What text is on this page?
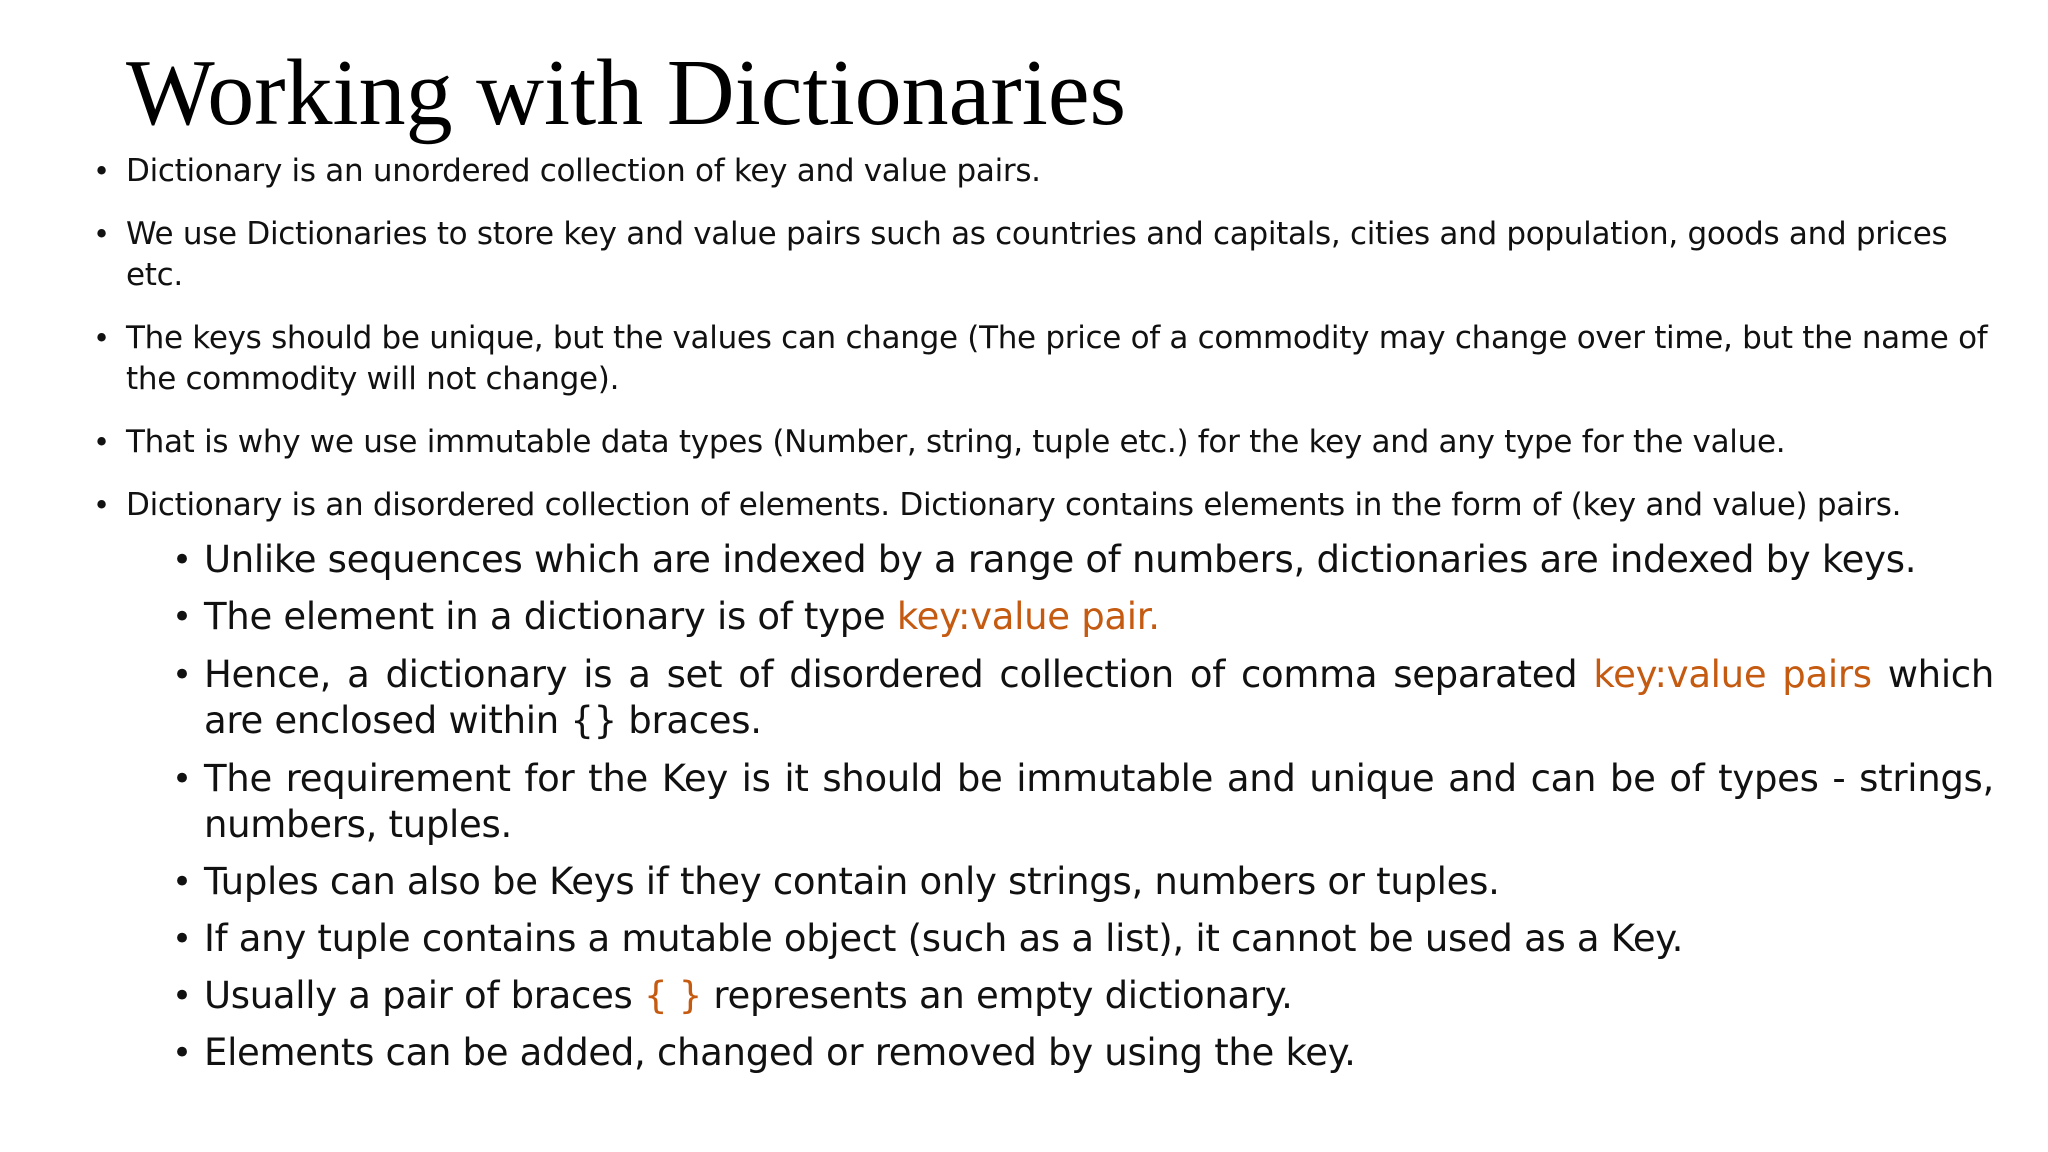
Working with Dictionaries
• Dictionary is an unordered collection of key and value pairs.
• We use Dictionaries to store key and value pairs such as countries and capitals, cities and population, goods and prices etc.
• The keys should be unique, but the values can change (The price of a commodity may change over time, but the name of the commodity will not change).
• That is why we use immutable data types (Number, string, tuple etc.) for the key and any type for the value.
• Dictionary is an disordered collection of elements. Dictionary contains elements in the form of (key and value) pairs.
• Unlike sequences which are indexed by a range of numbers, dictionaries are indexed by keys.
• The element in a dictionary is of type key:value pair.
• Hence, a dictionary is a set of disordered collection of comma separated key:value pairs which are enclosed within {} braces.
• The requirement for the Key is it should be immutable and unique and can be of types - strings, numbers, tuples.
• Tuples can also be Keys if they contain only strings, numbers or tuples.
• If any tuple contains a mutable object (such as a list), it cannot be used as a Key.
• Usually a pair of braces { } represents an empty dictionary.
• Elements can be added, changed or removed by using the key.
